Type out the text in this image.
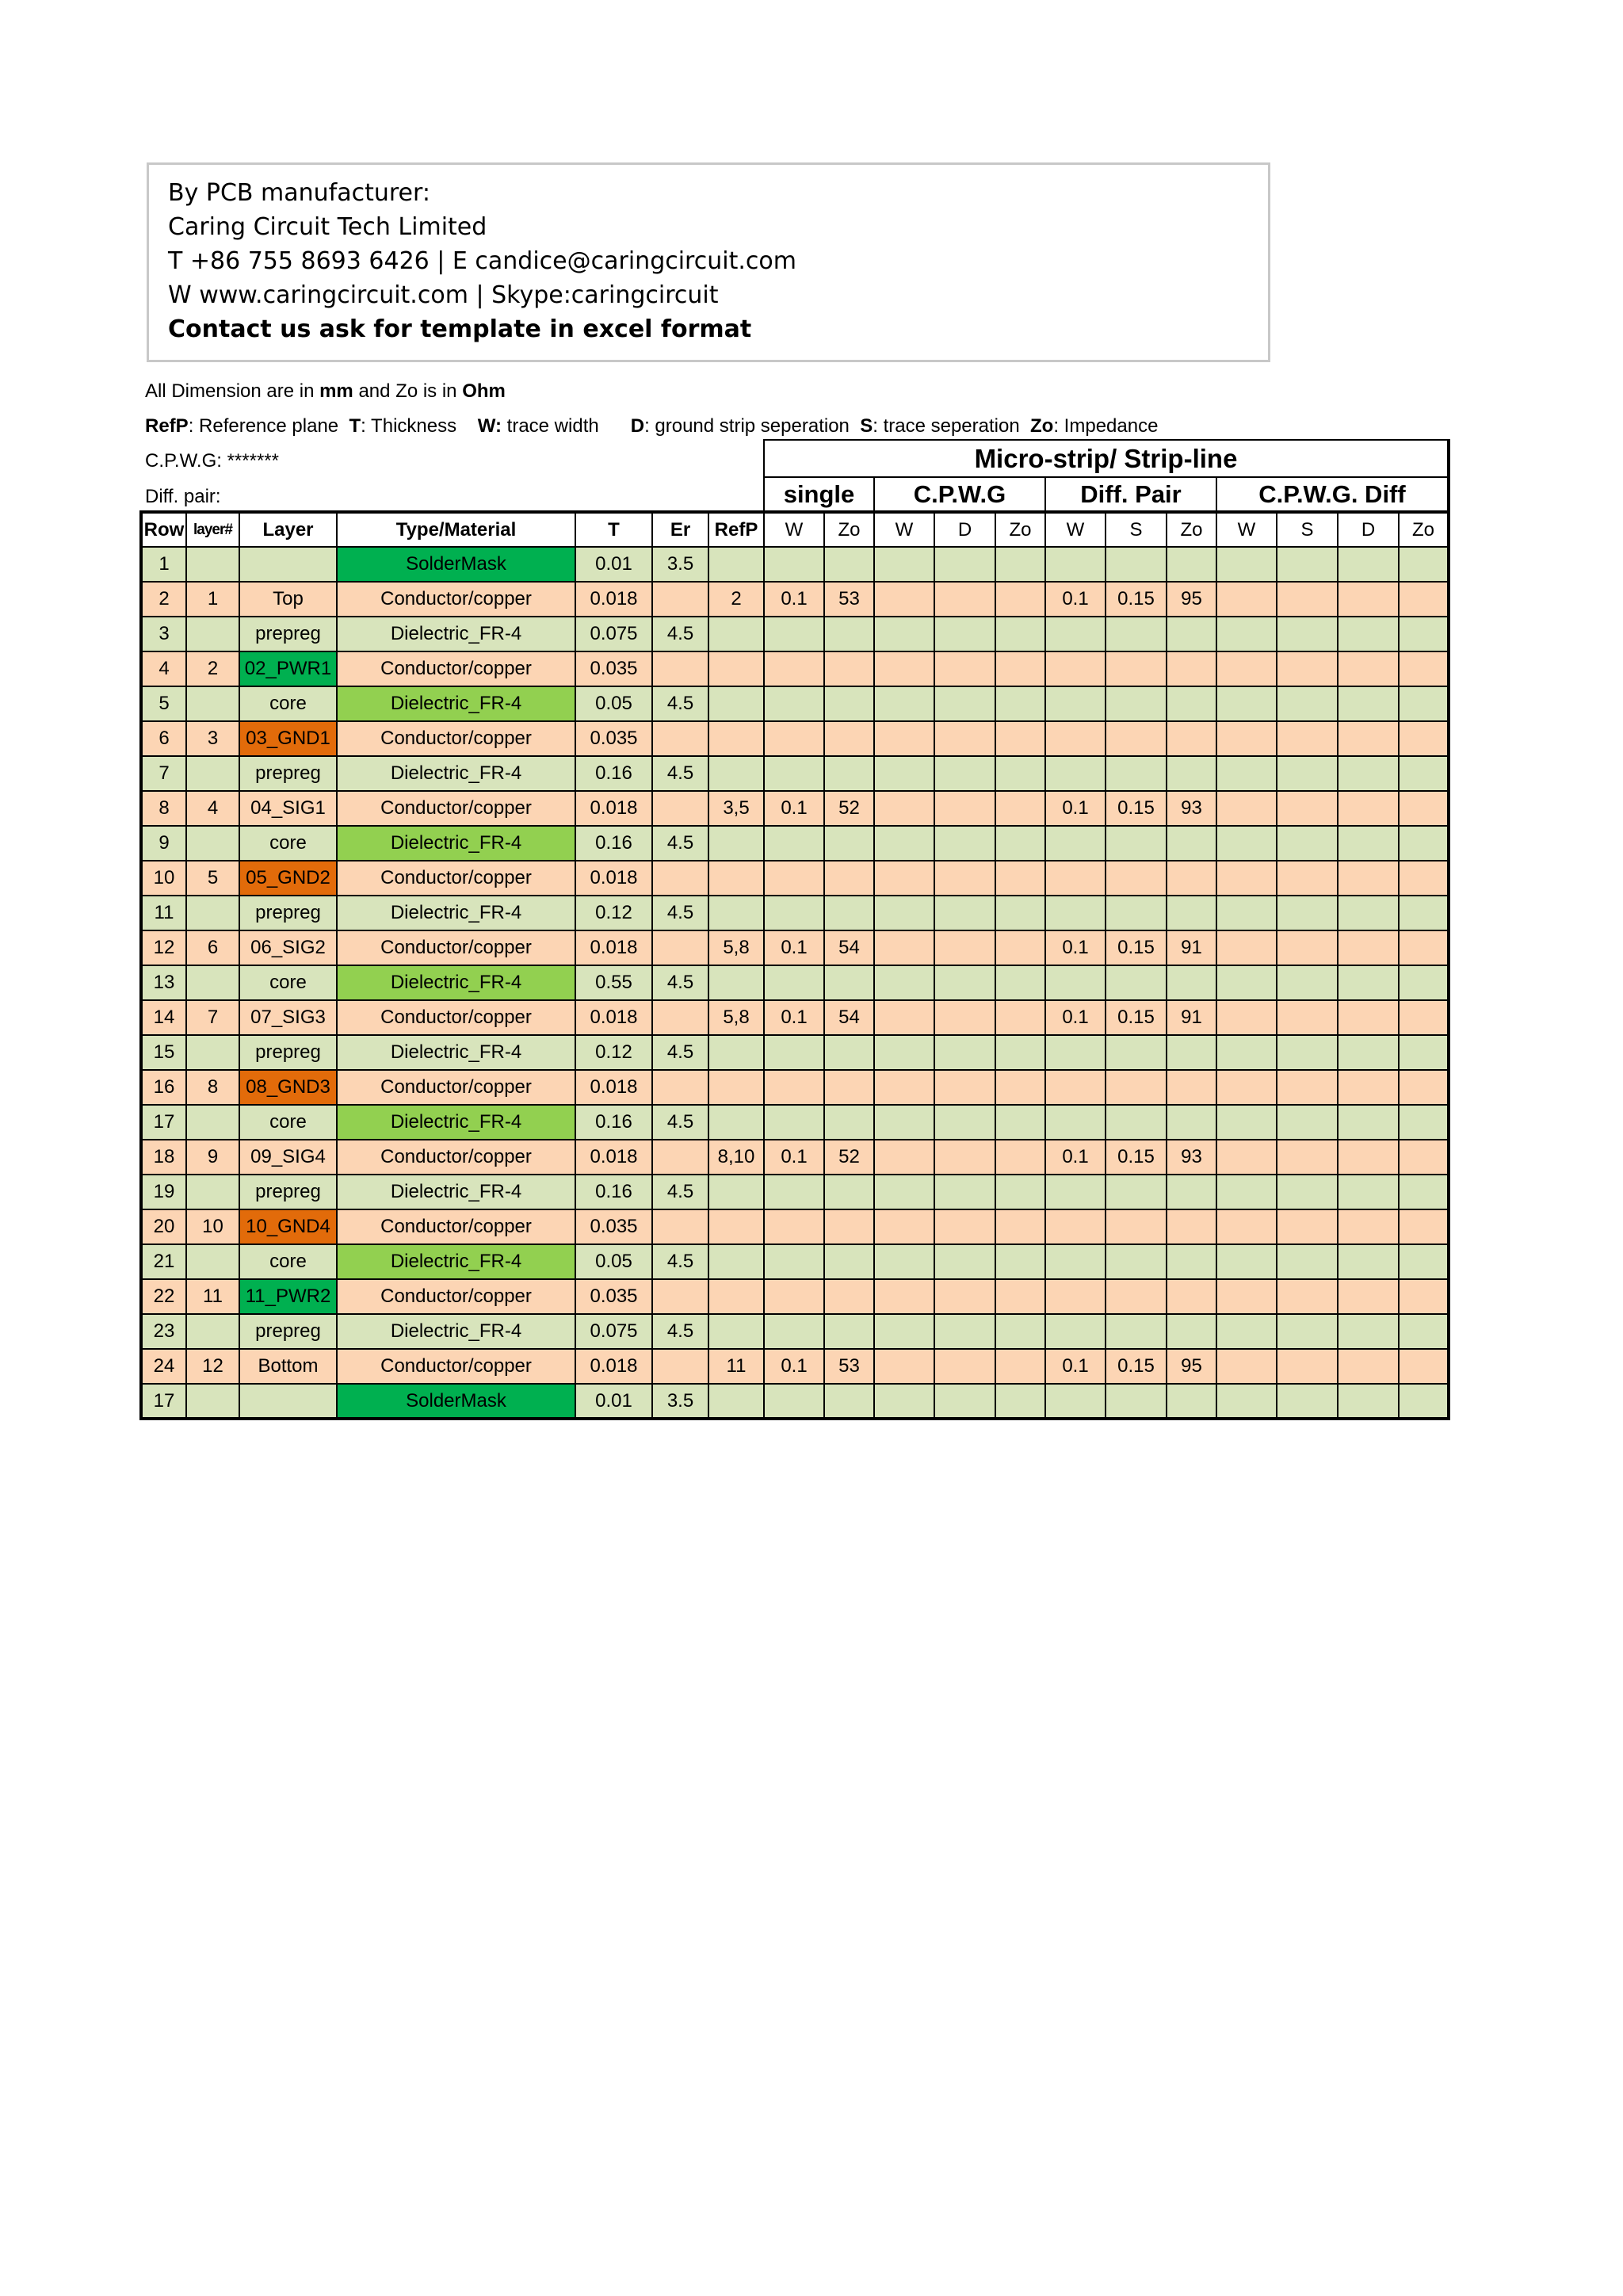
By PCB manufacturer:
Caring Circuit Tech Limited
T +86 755 8693 6426 | E candice@caringcircuit.com
W www.caringcircuit.com | Skype:caringcircuit
Contact us ask for template in excel format
All Dimension are in mm and Zo is in Ohm
RefP: Reference plane  T: Thickness    W: trace width      D: ground strip seperation  S: trace seperation  Zo: Impedance
							Micro-strip/ Strip-line											
							single		C.P.W.G			Diff. Pair			C.P.W.G. Diff			
Row	layer#	Layer	Type/Material	T	Er	RefP	W	Zo	W	D	Zo	W	S	Zo	W	S	D	Zo
1			SolderMask	0.01	3.5													
2	1	Top	Conductor/copper	0.018		2	0.1	53				0.1	0.15	95				
3		prepreg	Dielectric_FR-4	0.075	4.5													
4	2	02_PWR1	Conductor/copper	0.035														
5		core	Dielectric_FR-4	0.05	4.5													
6	3	03_GND1	Conductor/copper	0.035														
7		prepreg	Dielectric_FR-4	0.16	4.5													
8	4	04_SIG1	Conductor/copper	0.018		3,5	0.1	52				0.1	0.15	93				
9		core	Dielectric_FR-4	0.16	4.5													
10	5	05_GND2	Conductor/copper	0.018														
11		prepreg	Dielectric_FR-4	0.12	4.5													
12	6	06_SIG2	Conductor/copper	0.018		5,8	0.1	54				0.1	0.15	91				
13		core	Dielectric_FR-4	0.55	4.5													
14	7	07_SIG3	Conductor/copper	0.018		5,8	0.1	54				0.1	0.15	91				
15		prepreg	Dielectric_FR-4	0.12	4.5													
16	8	08_GND3	Conductor/copper	0.018														
17		core	Dielectric_FR-4	0.16	4.5													
18	9	09_SIG4	Conductor/copper	0.018		8,10	0.1	52				0.1	0.15	93				
19		prepreg	Dielectric_FR-4	0.16	4.5													
20	10	10_GND4	Conductor/copper	0.035														
21		core	Dielectric_FR-4	0.05	4.5													
22	11	11_PWR2	Conductor/copper	0.035														
23		prepreg	Dielectric_FR-4	0.075	4.5													
24	12	Bottom	Conductor/copper	0.018		11	0.1	53				0.1	0.15	95				
17			SolderMask	0.01	3.5													
C.P.W.G: *******
Diff. pair:
